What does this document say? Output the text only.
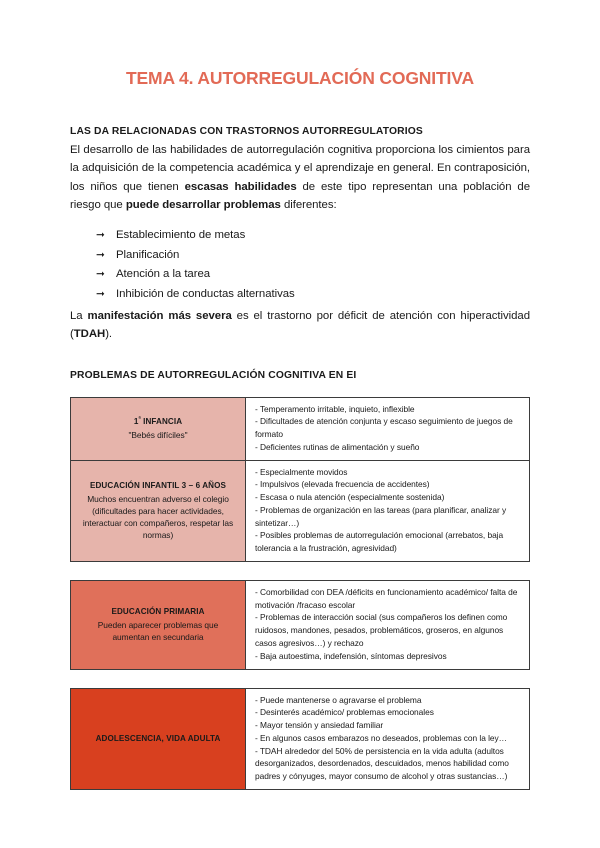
TEMA 4. AUTORREGULACIÓN COGNITIVA
LAS DA RELACIONADAS CON TRASTORNOS AUTORREGULATORIOS

El desarrollo de las habilidades de autorregulación cognitiva proporciona los cimientos para la adquisición de la competencia académica y el aprendizaje en general. En contraposición, los niños que tienen escasas habilidades de este tipo representan una población de riesgo que puede desarrollar problemas diferentes:

➞ Establecimiento de metas
➞ Planificación
➞ Atención a la tarea
➞ Inhibición de conductas alternativas

La manifestación más severa es el trastorno por déficit de atención con hiperactividad (TDAH).

PROBLEMAS DE AUTORREGULACIÓN COGNITIVA EN EI
$1^ª$ INFANCIA
"Bebés difíciles"
- Temperamento irritable, inquieto, inflexible
- Dificultades de atención conjunta y escaso seguimiento de juegos de formato
- Deficientes rutinas de alimentación y sueño
EDUCACIÓN INFANTIL 3 – 6 AÑOS
Muchos encuentran adverso el colegio (dificultades para hacer actividades, interactuar con compañeros, respetar las normas)
- Especialmente movidos
- Impulsivos (elevada frecuencia de accidentes)
- Escasa o nula atención (especialmente sostenida)
- Problemas de organización en las tareas (para planificar, analizar y sintetizar…)
- Posibles problemas de autorregulación emocional (arrebatos, baja tolerancia a la frustración, agresividad)
EDUCACIÓN PRIMARIA
Pueden aparecer problemas que aumentan en secundaria
- Comorbilidad con DEA /déficits en funcionamiento académico/ falta de motivación /fracaso escolar
- Problemas de interacción social (sus compañeros los definen como ruidosos, mandones, pesados, problemáticos, groseros, en algunos casos agresivos…) y rechazo
- Baja autoestima, indefensión, síntomas depresivos
ADOLESCENCIA, VIDA ADULTA
- Puede mantenerse o agravarse el problema
- Desinterés académico/ problemas emocionales
- Mayor tensión y ansiedad familiar
- En algunos casos embarazos no deseados, problemas con la ley…
- TDAH alrededor del 50% de persistencia en la vida adulta (adultos desorganizados, desordenados, descuidados, menos habilidad como padres y cónyuges, mayor consumo de alcohol y otras sustancias…)
